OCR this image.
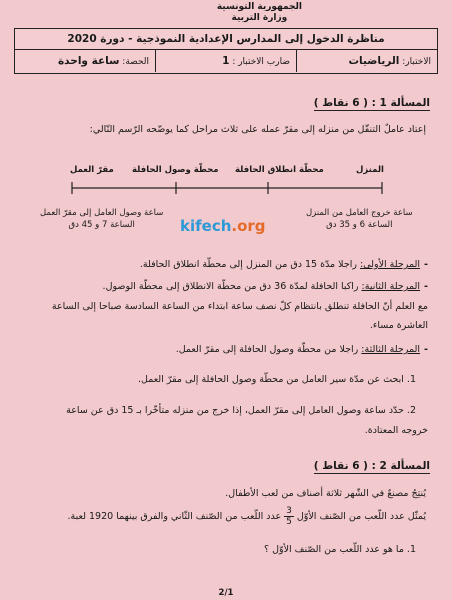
الجمهورية التونسية
وزارة التربية
مناظرة الدخول إلى المدارس الإعدادية النموذجية - دورة 2020
الاختبار: الرياضيات
ضارب الاختبار : 1
الحصة: ساعة واحدة
المسألة 1 : ( 6 نقاط )
إعتاد عاملٌ التنقّل من منزله إلى مقرّ عمله على ثلاث مراحل كما يوضّحه الرّسم التّالي:
المنزل
محطّة انطلاق الحافلة
محطّة وصول الحافلة
مقرّ العمل
ساعة وصول العامل إلى مقرّ العمل
الساعة 7 و 45 دق
ساعة خروج العامل من المنزل
الساعة 6 و 35 دق
kifech.org
-المرحلة الأولى: راجلا مدّة 15 دق من المنزل إلى محطّة انطلاق الحافلة.
-المرحلة الثانية: راكبا الحافلة لمدّة 36 دق من محطّة الانطلاق إلى محطّة الوصول.
مع العلم أنّ الحافلة تنطلق بانتظام كلّ نصف ساعة ابتداء من الساعة السادسة صباحا إلى الساعة
العاشرة مساء.
-المرحلة الثالثة: راجلا من محطّة وصول الحافلة إلى مقرّ العمل.
1. ابحث عن مدّة سير العامل من محطّة وصول الحافلة إلى مقرّ العمل.
2. حدّد ساعة وصول العامل إلى مقرّ العمل، إذا خرج من منزله متأخّرا بـ 15 دق عن ساعة
خروجه المعتادة.
المسألة 2 : ( 6 نقاط )
يُنتِجُ مصنعٌ في الشّهر ثلاثة أصناف من لعب الأطفال.
يُمثّل عدد اللّعب من الصّنف الأوّل
$\frac{3}{5}$
عدد اللّعب من الصّنف الثّاني والفرق بينهما 1920 لعبة.
1. ما هو عدد اللّعب من الصّنف الأوّل ؟
2/1
